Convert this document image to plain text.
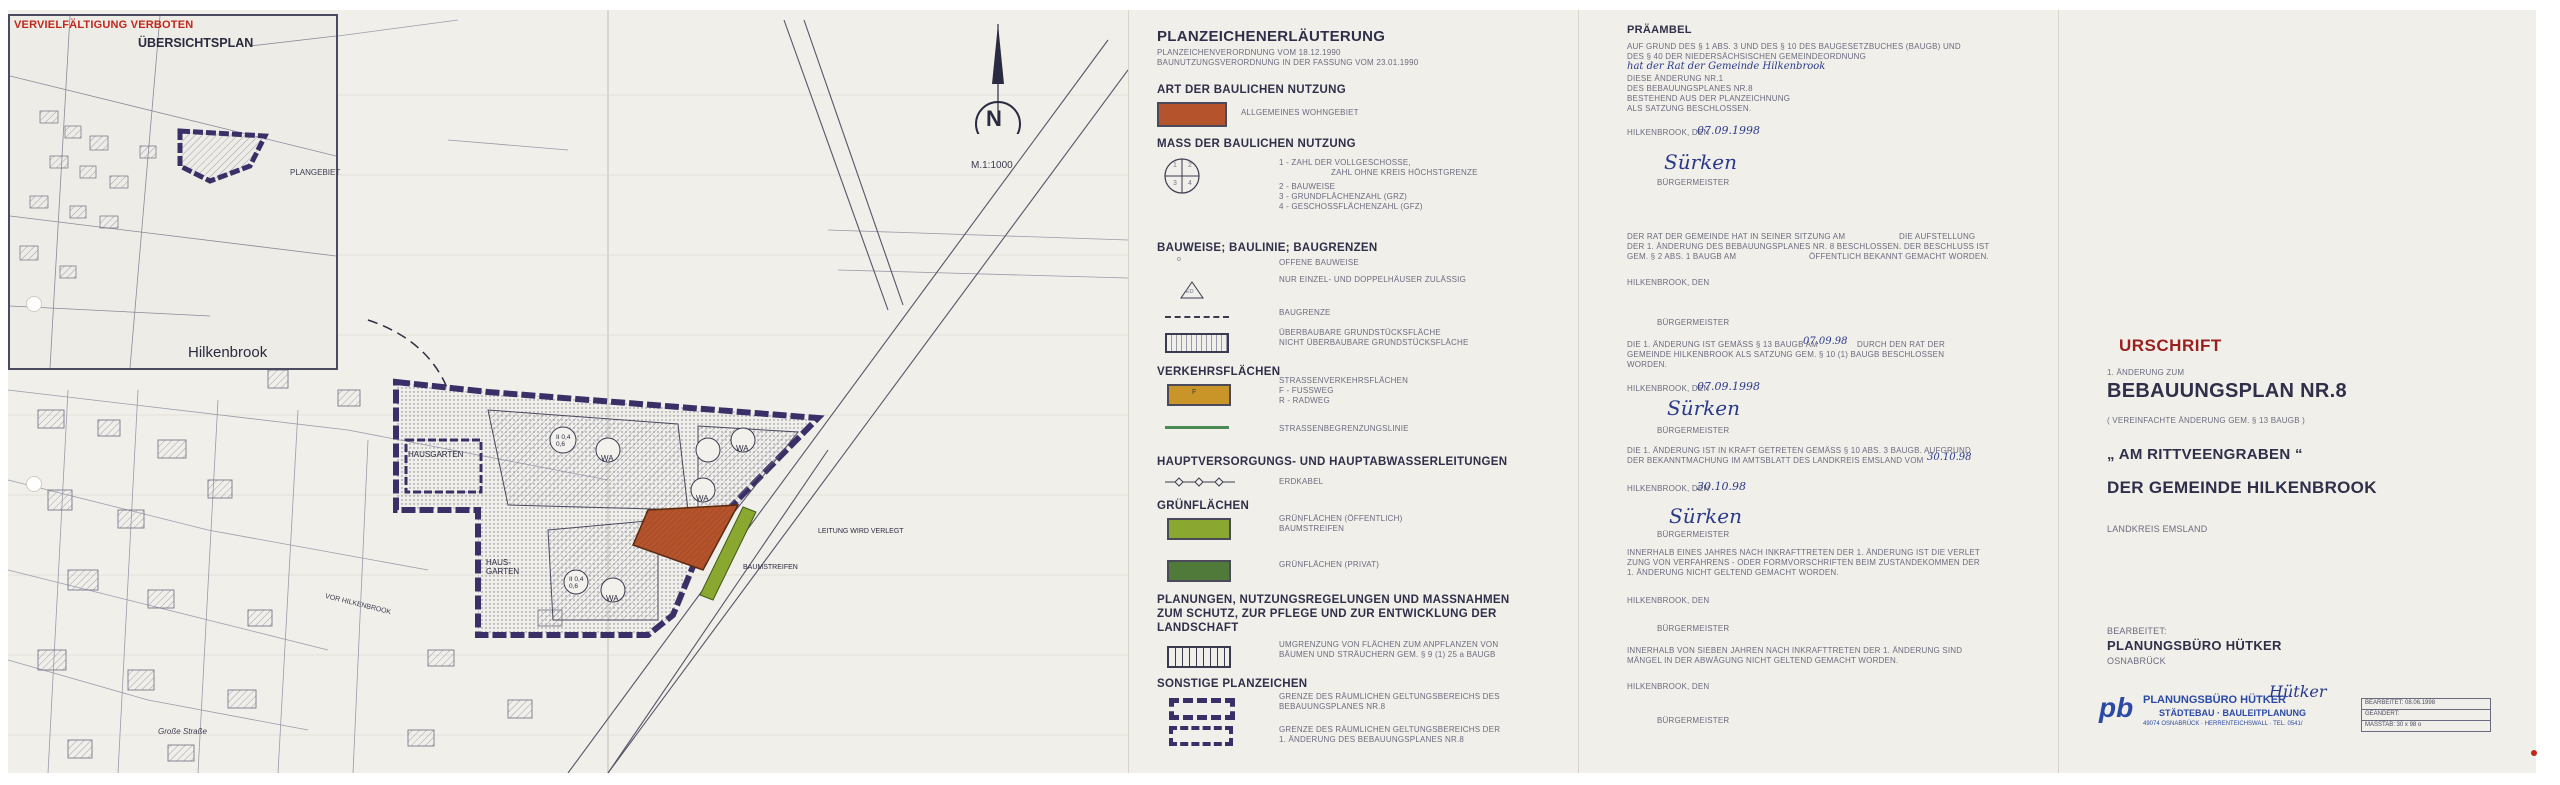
VERVIELFÄLTIGUNG VERBOTEN
ÜBERSICHTSPLAN
PLANGEBIET
Hilkenbrook
N
M.1:1000
HAUSGARTEN
HAUS-
GARTEN
LEITUNG WIRD VERLEGT
BAUMSTREIFEN
WA
WA
WA
WA
II 0,4
0,6
II 0,4
0,6
VOR HILKENBROOK
Große Straße
PLANZEICHENERLÄUTERUNG
PLANZEICHENVERORDNUNG VOM 18.12.1990
BAUNUTZUNGSVERORDNUNG IN DER FASSUNG VOM 23.01.1990
ART DER BAULICHEN NUTZUNG
ALLGEMEINES WOHNGEBIET
MASS DER BAULICHEN NUTZUNG
1 2
3 4
1 - ZAHL DER VOLLGESCHOSSE,
ZAHL OHNE KREIS HÖCHSTGRENZE
2 - BAUWEISE
3 - GRUNDFLÄCHENZAHL (GRZ)
4 - GESCHOSSFLÄCHENZAHL (GFZ)
BAUWEISE; BAULINIE; BAUGRENZEN
o	OFFENE BAUWEISE
ED
NUR EINZEL- UND DOPPELHÄUSER ZULÄSSIG
BAUGRENZE
ÜBERBAUBARE GRUNDSTÜCKSFLÄCHE
NICHT ÜBERBAUBARE GRUNDSTÜCKSFLÄCHE
VERKEHRSFLÄCHEN
F
STRASSENVERKEHRSFLÄCHEN
F - FUSSWEG
R - RADWEG
STRASSENBEGRENZUNGSLINIE
HAUPTVERSORGUNGS- UND HAUPTABWASSERLEITUNGEN
ERDKABEL
GRÜNFLÄCHEN
GRÜNFLÄCHEN (ÖFFENTLICH)
BAUMSTREIFEN
GRÜNFLÄCHEN (PRIVAT)
PLANUNGEN, NUTZUNGSREGELUNGEN UND MASSNAHMEN
ZUM SCHUTZ, ZUR PFLEGE UND ZUR ENTWICKLUNG DER
LANDSCHAFT
UMGRENZUNG VON FLÄCHEN ZUM ANPFLANZEN VON
BÄUMEN UND STRÄUCHERN GEM. § 9 (1) 25 a BAUGB
SONSTIGE PLANZEICHEN
GRENZE DES RÄUMLICHEN GELTUNGSBEREICHS DES
BEBAUUNGSPLANES NR.8
GRENZE DES RÄUMLICHEN GELTUNGSBEREICHS DER
1. ÄNDERUNG DES BEBAUUNGSPLANES NR.8
PRÄAMBEL
AUF GRUND DES § 1 ABS. 3 UND DES § 10 DES BAUGESETZBUCHES (BAUGB) UND
DES § 40 DER NIEDERSÄCHSISCHEN GEMEINDEORDNUNG
hat der Rat der Gemeinde Hilkenbrook
DIESE ÄNDERUNG NR.1
DES BEBAUUNGSPLANES NR.8
BESTEHEND AUS DER PLANZEICHNUNG
ALS SATZUNG BESCHLOSSEN.
HILKENBROOK, DEN
07.09.1998
Sürken
BÜRGERMEISTER
DER RAT DER GEMEINDE HAT IN SEINER SITZUNG AM	DIE AUFSTELLUNG
DER 1. ÄNDERUNG DES BEBAUUNGSPLANES NR. 8 BESCHLOSSEN. DER BESCHLUSS IST
GEM. § 2 ABS. 1 BAUGB AM	ÖFFENTLICH BEKANNT GEMACHT WORDEN.
HILKENBROOK, DEN
BÜRGERMEISTER
DIE 1. ÄNDERUNG IST GEMÄSS § 13 BAUGB AM
07.09.98 DURCH DEN RAT DER
GEMEINDE HILKENBROOK ALS SATZUNG GEM. § 10 (1) BAUGB BESCHLOSSEN
WORDEN.
HILKENBROOK, DEN
07.09.1998
Sürken
BÜRGERMEISTER
DIE 1. ÄNDERUNG IST IN KRAFT GETRETEN GEMÄSS § 10 ABS. 3 BAUGB. AUFGRUND
DER BEKANNTMACHUNG IM AMTSBLATT DES LANDKREIS EMSLAND VOM 30.10.98
HILKENBROOK, DEN
30.10.98
Sürken
BÜRGERMEISTER
INNERHALB EINES JAHRES NACH INKRAFTTRETEN DER 1. ÄNDERUNG IST DIE VERLET
ZUNG VON VERFAHRENS - ODER FORMVORSCHRIFTEN BEIM ZUSTANDEKOMMEN DER
1. ÄNDERUNG NICHT GELTEND GEMACHT WORDEN.
HILKENBROOK, DEN
BÜRGERMEISTER
INNERHALB VON SIEBEN JAHREN NACH INKRAFTTRETEN DER 1. ÄNDERUNG SIND
MÄNGEL IN DER ABWÄGUNG NICHT GELTEND GEMACHT WORDEN.
HILKENBROOK, DEN
BÜRGERMEISTER
URSCHRIFT
1. ÄNDERUNG ZUM
BEBAUUNGSPLAN NR.8
( VEREINFACHTE ÄNDERUNG GEM. § 13 BAUGB )
„ AM RITTVEENGRABEN “
DER GEMEINDE HILKENBROOK
LANDKREIS EMSLAND
BEARBEITET:
PLANUNGSBÜRO HÜTKER
OSNABRÜCK
pb PLANUNGSBÜRO HÜTKER
STÄDTEBAU · BAULEITPLANUNG
49074 OSNABRÜCK · HERRENTEICHSWALL · TEL. 0541/
Hütker
BEARBEITET: 08.06.1998
GEÄNDERT:
MASSTAB: 30 x 98 o
